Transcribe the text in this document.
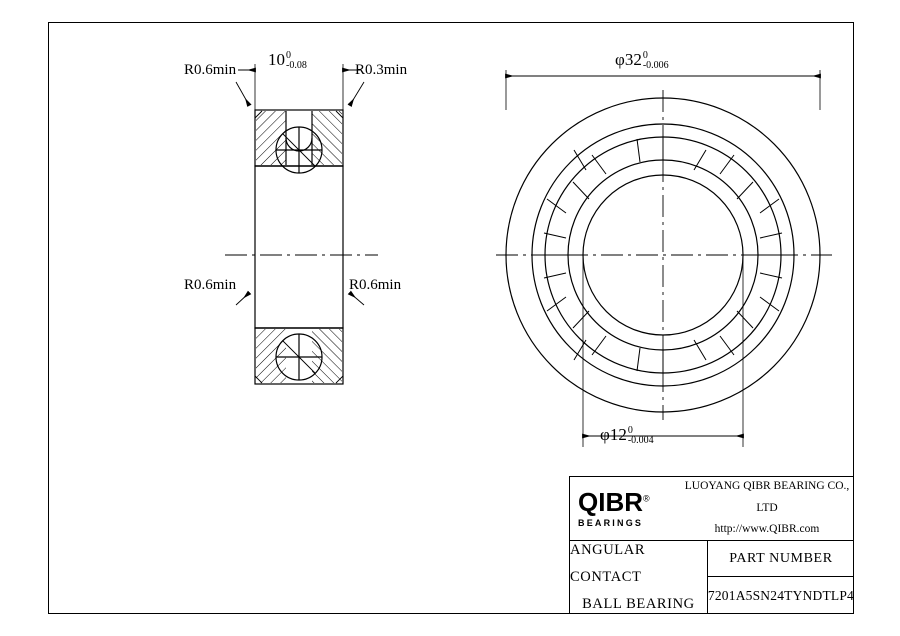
R0.6min	R0.3min
R0.6min	R0.6min
10 0
-0.08	φ32 0
-0.006
φ12 0
-0.004
QIBR®
BEARINGS
LUOYANG QIBR BEARING CO., LTD
http://www.QIBR.com
ANGULAR CONTACT
BALL BEARING
PART NUMBER
7201A5SN24TYNDTLP4
